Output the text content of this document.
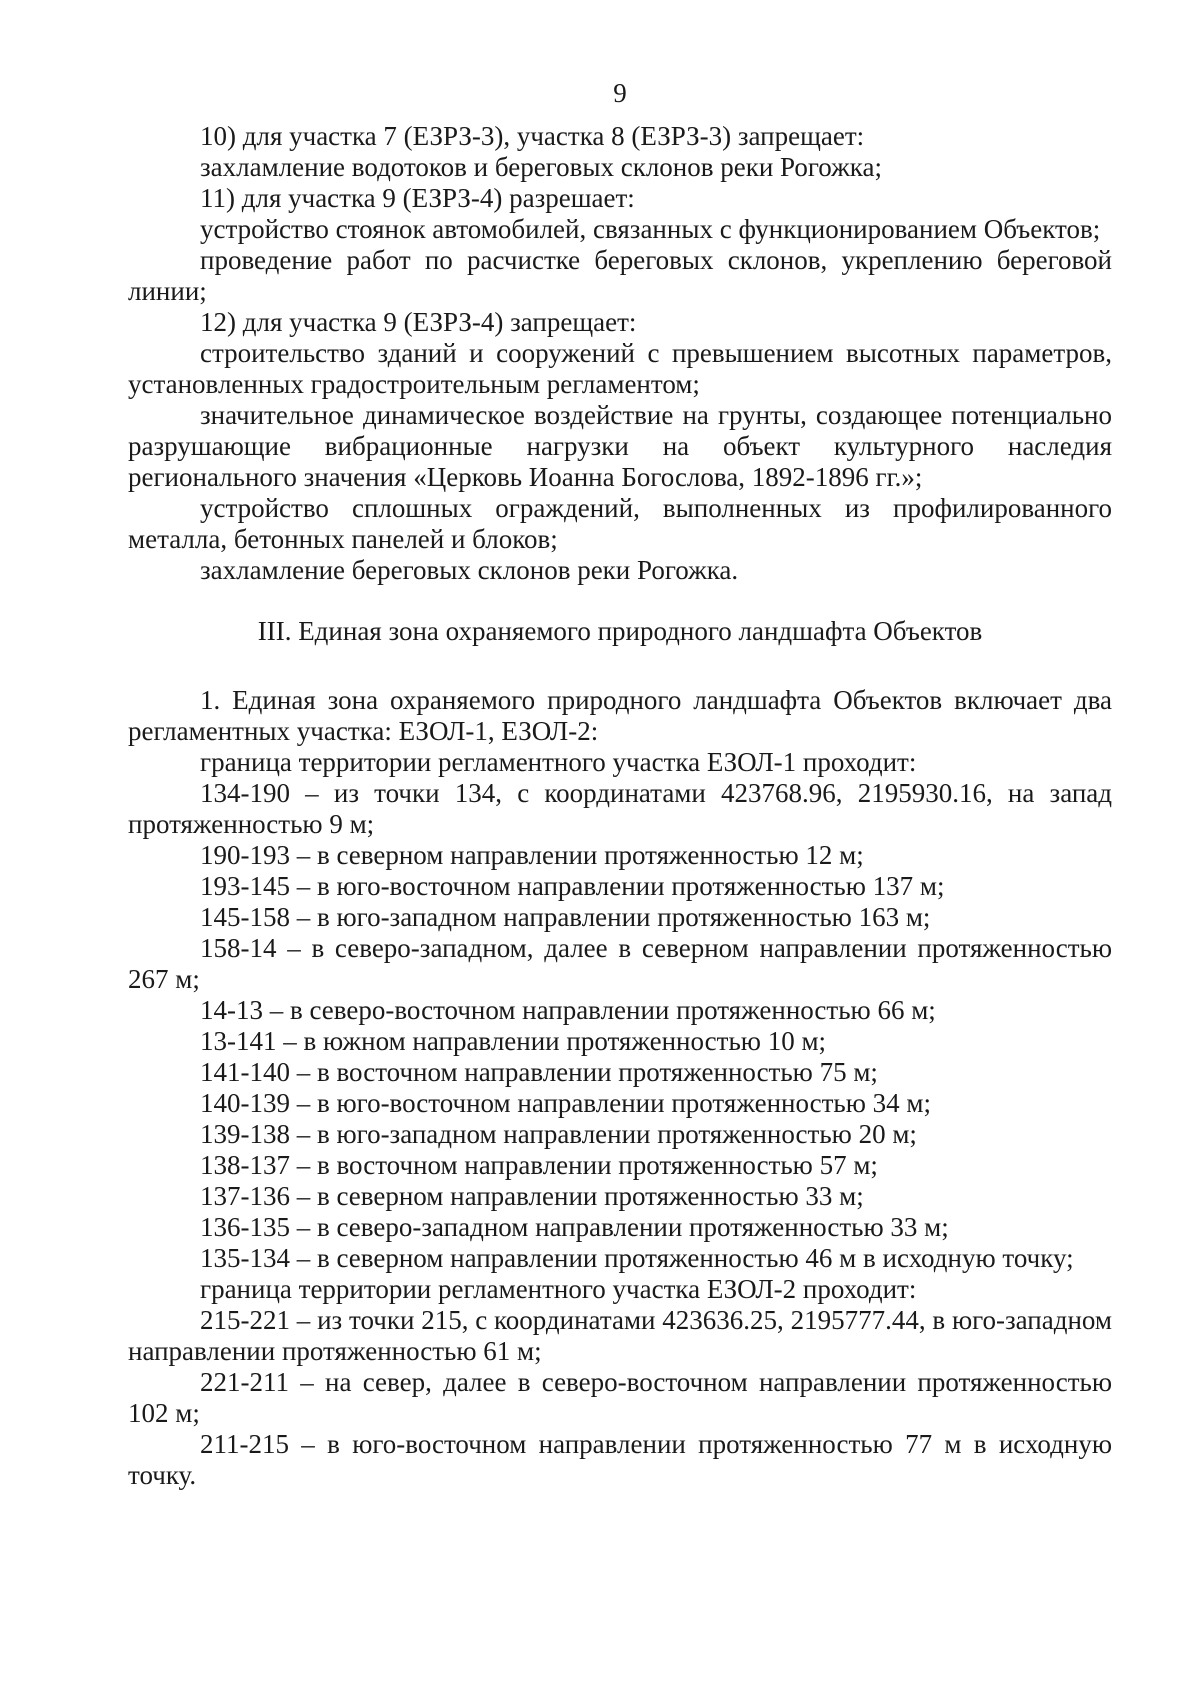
9

10) для участка 7 (ЕЗРЗ-3), участка 8 (ЕЗРЗ-3) запрещает:

захламление водотоков и береговых склонов реки Рогожка;

11) для участка 9 (ЕЗРЗ-4) разрешает:

устройство стоянок автомобилей, связанных с функционированием Объектов;

проведение работ по расчистке береговых склонов, укреплению береговой линии;

12) для участка 9 (ЕЗРЗ-4) запрещает:

строительство зданий и сооружений с превышением высотных параметров, установленных градостроительным регламентом;

значительное динамическое воздействие на грунты, создающее потенциально разрушающие вибрационные нагрузки на объект культурного наследия регионального значения «Церковь Иоанна Богослова, 1892-1896 гг.»;

устройство сплошных ограждений, выполненных из профилированного металла, бетонных панелей и блоков;

захламление береговых склонов реки Рогожка.

III. Единая зона охраняемого природного ландшафта Объектов

1. Единая зона охраняемого природного ландшафта Объектов включает два регламентных участка: ЕЗОЛ-1, ЕЗОЛ-2:

граница территории регламентного участка ЕЗОЛ-1 проходит:

134-190 – из точки 134, с координатами 423768.96, 2195930.16, на запад протяженностью 9 м;

190-193 – в северном направлении протяженностью 12 м;

193-145 – в юго-восточном направлении протяженностью 137 м;

145-158 – в юго-западном направлении протяженностью 163 м;

158-14 – в северо-западном, далее в северном направлении протяженностью 267 м;

14-13 – в северо-восточном направлении протяженностью 66 м;

13-141 – в южном направлении протяженностью 10 м;

141-140 – в восточном направлении протяженностью 75 м;

140-139 – в юго-восточном направлении протяженностью 34 м;

139-138 – в юго-западном направлении протяженностью 20 м;

138-137 – в восточном направлении протяженностью 57 м;

137-136 – в северном направлении протяженностью 33 м;

136-135 – в северо-западном направлении протяженностью 33 м;

135-134 – в северном направлении протяженностью 46 м в исходную точку;

граница территории регламентного участка ЕЗОЛ-2 проходит:

215-221 – из точки 215, с координатами 423636.25, 2195777.44, в юго-западном направлении протяженностью 61 м;

221-211 – на север, далее в северо-восточном направлении протяженностью 102 м;

211-215 – в юго-восточном направлении протяженностью 77 м в исходную точку.
